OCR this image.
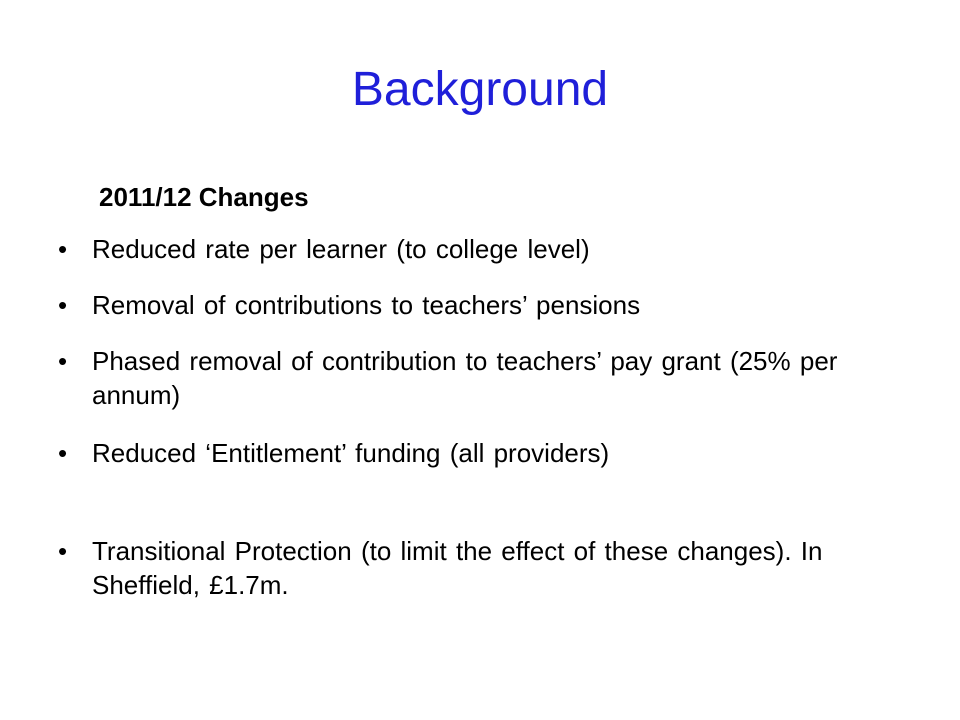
Background

2011/12 Changes

• Reduced rate per learner (to college level)
• Removal of contributions to teachers’ pensions
• Phased removal of contribution to teachers’ pay grant (25% per annum)
• Reduced ‘Entitlement’ funding (all providers)
• Transitional Protection (to limit the effect of these changes). In Sheffield, £1.7m.
